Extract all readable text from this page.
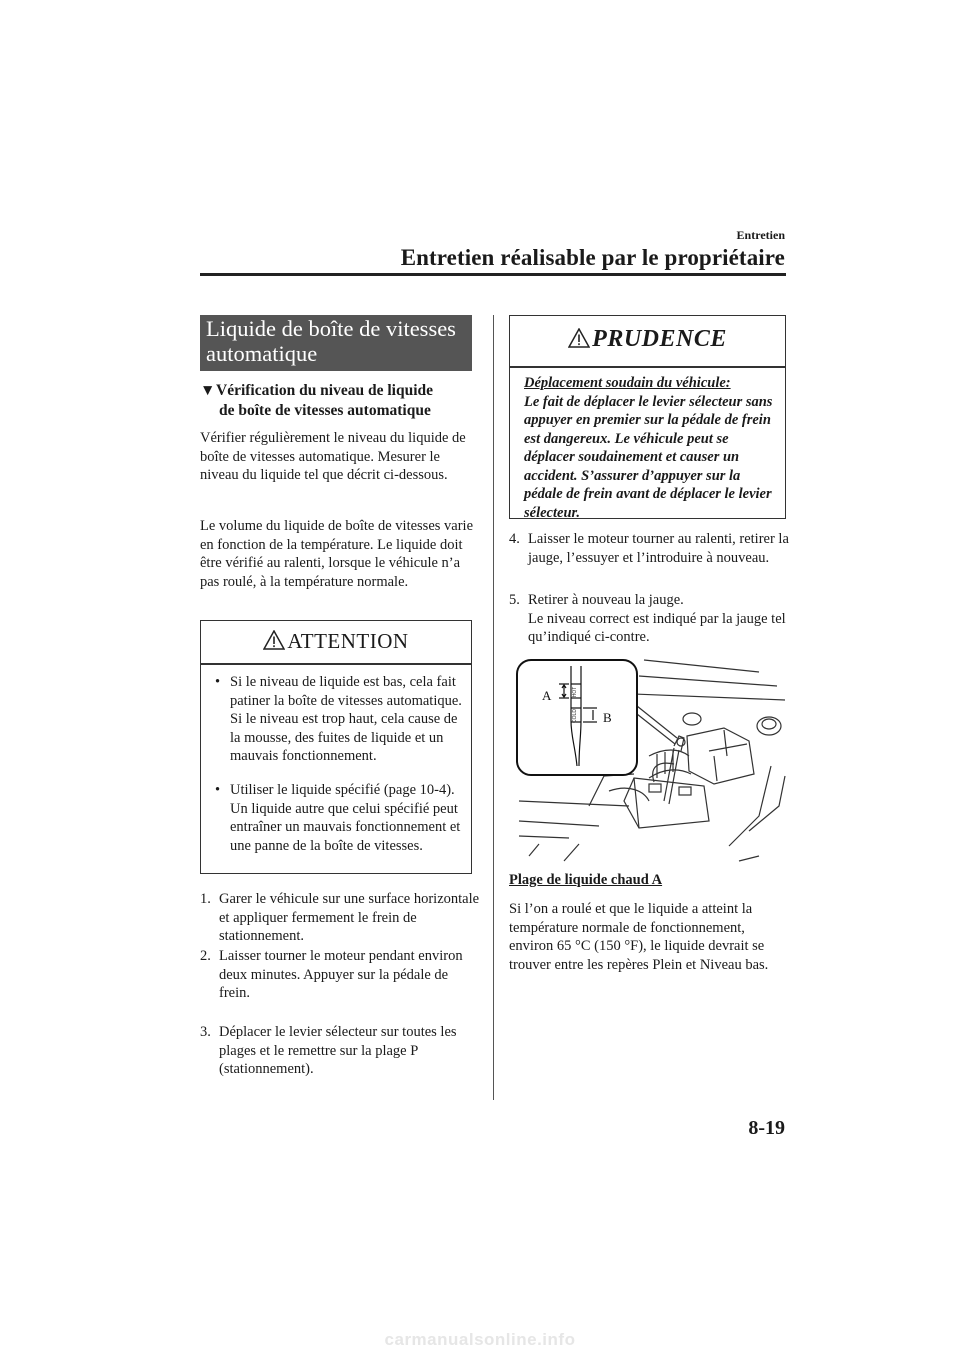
Entretien
Entretien réalisable par le propriétaire
Liquide de boîte de vitesses
automatique
▼Vérification du niveau de liquide
de boîte de vitesses automatique
Vérifier régulièrement le niveau du liquide de boîte de vitesses automatique. Mesurer le niveau du liquide tel que décrit ci-dessous.
Le volume du liquide de boîte de vitesses varie en fonction de la température. Le liquide doit être vérifié au ralenti, lorsque le véhicule n’a pas roulé, à la température normale.
ATTENTION
• Si le niveau de liquide est bas, cela fait patiner la boîte de vitesses automatique. Si le niveau est trop haut, cela cause de la mousse, des fuites de liquide et un mauvais fonctionnement.
• Utiliser le liquide spécifié (page 10-4). Un liquide autre que celui spécifié peut entraîner un mauvais fonctionnement et une panne de la boîte de vitesses.
1. Garer le véhicule sur une surface horizontale et appliquer fermement le frein de stationnement.
2. Laisser tourner le moteur pendant environ deux minutes. Appuyer sur la pédale de frein.
3. Déplacer le levier sélecteur sur toutes les plages et le remettre sur la plage P (stationnement).
PRUDENCE
Déplacement soudain du véhicule:
Le fait de déplacer le levier sélecteur sans appuyer en premier sur la pédale de frein est dangereux. Le véhicule peut se déplacer soudainement et causer un accident. S’assurer d’appuyer sur la pédale de frein avant de déplacer le levier sélecteur.
4. Laisser le moteur tourner au ralenti, retirer la jauge, l’essuyer et l’introduire à nouveau.
5. Retirer à nouveau la jauge.
Le niveau correct est indiqué par la jauge tel qu’indiqué ci-contre.
HOT
COLD
A
B
Plage de liquide chaud A
Si l’on a roulé et que le liquide a atteint la température normale de fonctionnement, environ 65 °C (150 °F), le liquide devrait se trouver entre les repères Plein et Niveau bas.
8-19
carmanualsonline.info
